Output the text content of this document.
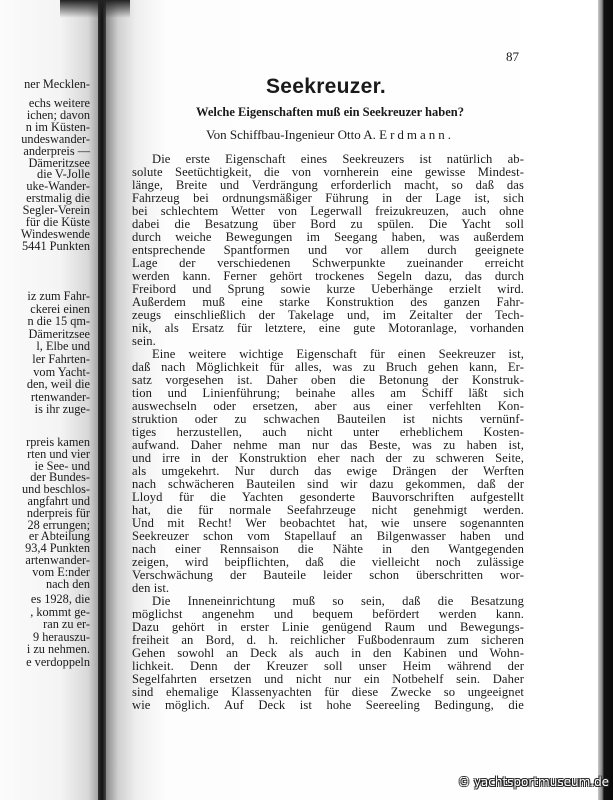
ner Mecklen-
echs weitere
ichen; davon
n im Küsten-
undeswander-
anderpreis —
Dämeritzsee
die V-Jolle
uke-Wander-
erstmalig die
Segler-Verein
für die Küste
Windeswende
5441 Punkten
iz zum Fahr-
ckerei einen
n die 15 qm-
Dämeritzsee
l, Elbe und
ler Fahrten-
vom Yacht-
den, weil die
rtenwander-
is ihr zuge-
rpreis kamen
rten und vier
ie See- und
der Bundes-
und beschlos-
angfahrt und
nderpreis für
28 errungen;
er Abteilung
93,4 Punkten
artenwander-
vom E:nder
nach den
es 1928, die
, kommt ge-
ran zu er-
9 herauszu-
i zu nehmen.
e verdoppeln
87
Seekreuzer.
Welche Eigenschaften muß ein Seekreuzer haben?
Von Schiffbau-Ingenieur Otto A. Erdmann.
Die erste Eigenschaft eines Seekreuzers ist natürlich ab-
solute Seetüchtigkeit, die von vornherein eine gewisse Mindest-
länge, Breite und Verdrängung erforderlich macht, so daß das
Fahrzeug bei ordnungsmäßiger Führung in der Lage ist, sich
bei schlechtem Wetter von Legerwall freizukreuzen, auch ohne
dabei die Besatzung über Bord zu spülen. Die Yacht soll
durch weiche Bewegungen im Seegang haben, was außerdem
entsprechende Spantformen und vor allem durch geeignete
Lage der verschiedenen Schwerpunkte zueinander erreicht
werden kann. Ferner gehört trockenes Segeln dazu, das durch
Freibord und Sprung sowie kurze Ueberhänge erzielt wird.
Außerdem muß eine starke Konstruktion des ganzen Fahr-
zeugs einschließlich der Takelage und, im Zeitalter der Tech-
nik, als Ersatz für letztere, eine gute Motoranlage, vorhanden
sein.
Eine weitere wichtige Eigenschaft für einen Seekreuzer ist,
daß nach Möglichkeit für alles, was zu Bruch gehen kann, Er-
satz vorgesehen ist. Daher oben die Betonung der Konstruk-
tion und Linienführung; beinahe alles am Schiff läßt sich
auswechseln oder ersetzen, aber aus einer verfehlten Kon-
struktion oder zu schwachen Bauteilen ist nichts vernünf-
tiges herzustellen, auch nicht unter erheblichem Kosten-
aufwand. Daher nehme man nur das Beste, was zu haben ist,
und irre in der Konstruktion eher nach der zu schweren Seite,
als umgekehrt. Nur durch das ewige Drängen der Werften
nach schwächeren Bauteilen sind wir dazu gekommen, daß der
Lloyd für die Yachten gesonderte Bauvorschriften aufgestellt
hat, die für normale Seefahrzeuge nicht genehmigt werden.
Und mit Recht! Wer beobachtet hat, wie unsere sogenannten
Seekreuzer schon vom Stapellauf an Bilgenwasser haben und
nach einer Rennsaison die Nähte in den Wantgegenden
zeigen, wird beipflichten, daß die vielleicht noch zulässige
Verschwächung der Bauteile leider schon überschritten wor-
den ist.
Die Inneneinrichtung muß so sein, daß die Besatzung
möglichst angenehm und bequem befördert werden kann.
Dazu gehört in erster Linie genügend Raum und Bewegungs-
freiheit an Bord, d. h. reichlicher Fußbodenraum zum sicheren
Gehen sowohl an Deck als auch in den Kabinen und Wohn-
lichkeit. Denn der Kreuzer soll unser Heim während der
Segelfahrten ersetzen und nicht nur ein Notbehelf sein. Daher
sind ehemalige Klassenyachten für diese Zwecke so ungeeignet
wie möglich. Auf Deck ist hohe Seereeling Bedingung, die
© yachtsportmuseum.de
